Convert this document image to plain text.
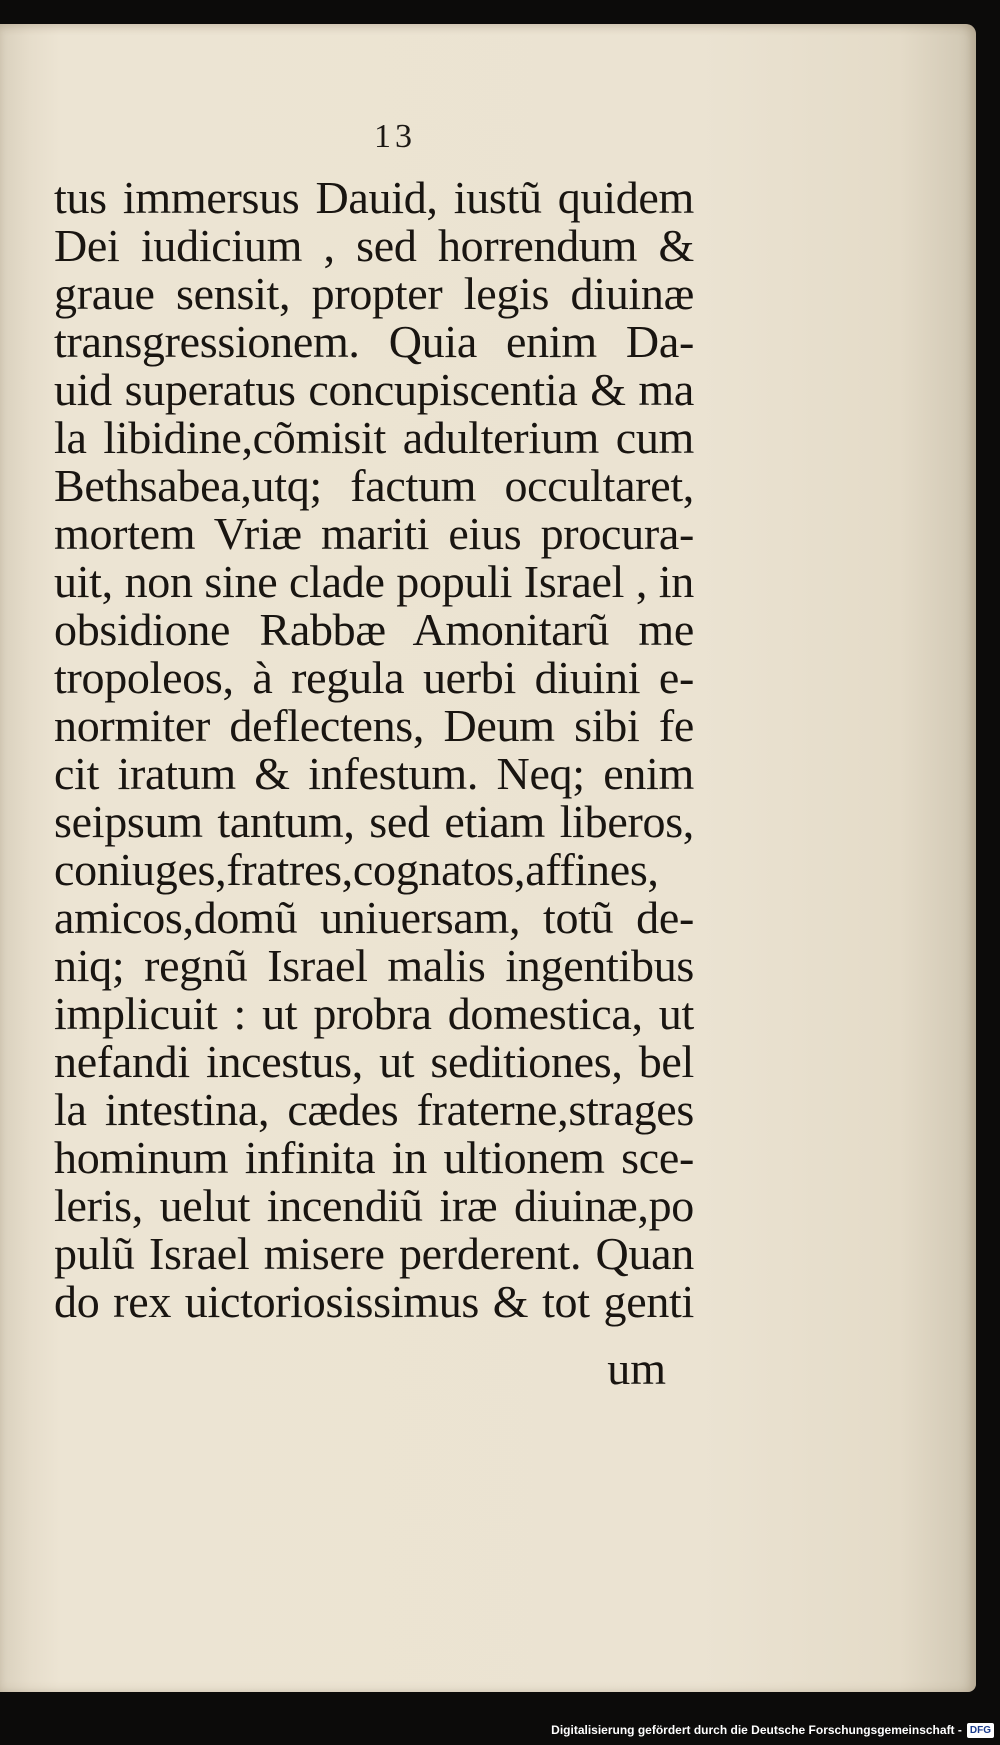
13
tus immersus Dauid, iustũ quidem
Dei iudicium , sed horrendum &
graue sensit, propter legis diuinæ
transgressionem. Quia enim Da-
uid superatus concupiscentia & ma
la libidine,cõmisit adulterium cum
Bethsabea,utq; factum occultaret,
mortem Vriæ mariti eius procura-
uit, non sine clade populi Israel , in
obsidione Rabbæ Amonitarũ me
tropoleos, à regula uerbi diuini e-
normiter deflectens, Deum sibi fe
cit iratum & infestum. Neq; enim
seipsum tantum, sed etiam liberos,
coniuges,fratres,cognatos,affines,
amicos,domũ uniuersam, totũ de-
niq; regnũ Israel malis ingentibus
implicuit : ut probra domestica, ut
nefandi incestus, ut seditiones, bel
la intestina, cædes fraterne,strages
hominum infinita in ultionem sce-
leris, uelut incendiũ iræ diuinæ,po
pulũ Israel misere perderent. Quan
do rex uictoriosissimus & tot genti
um
Digitalisierung gefördert durch die Deutsche Forschungsgemeinschaft - DFG
